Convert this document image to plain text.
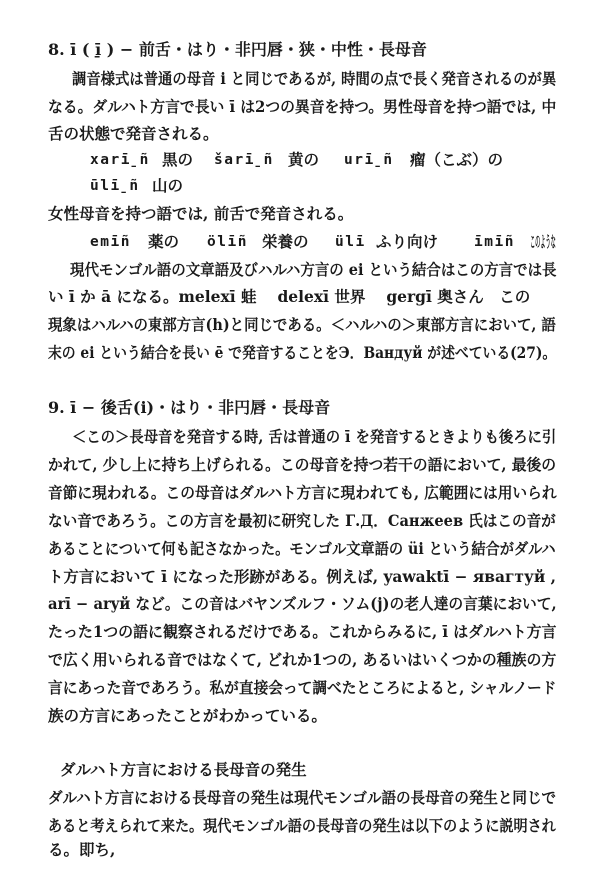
8. ī ( ī̱ ) − 前舌・はり・非円唇・狭・中性・長母音
調音様式は普通の母音 i と同じであるが, 時間の点で長く発音されるのが異
なる。ダルハト方言で長い ī は2つの異音を持つ。男性母音を持つ語では, 中
舌の状態で発音される。
xarī̱ñ 黒の šarī̱ñ 黄の urī̱ñ 瘤（こぶ）の
ūlī̱ñ 山の
女性母音を持つ語では, 前舌で発音される。
emīñ 薬の ölīñ 栄養の ülī ふり向け īmīñ このような
現代モンゴル語の文章語及びハルハ方言の ei という結合はこの方言では長
い ī か ā になる。melexī 蛙　 delexī 世界　 gergī 奥さん　この
現象はハルハの東部方言(h)と同じである。＜ハルハの＞東部方言において, 語
末の ei という結合を長い ē で発音することをЭ．Вандуй が述べている(27)。
9. ī − 後舌(i)・はり・非円唇・長母音
＜この＞長母音を発音する時, 舌は普通の ī を発音するときよりも後ろに引
かれて, 少し上に持ち上げられる。この母音を持つ若干の語において, 最後の
音節に現われる。この母音はダルハト方言に現われても, 広範囲には用いられ
ない音であろう。この方言を最初に研究した Г.Д．Санжеев 氏はこの音が
あることについて何も記さなかった。モンゴル文章語の üi という結合がダルハ
ト方言において ī になった形跡がある。例えば, yawaktī − явагтуй ,
arī − aryй など。この音はバヤンズルフ・ソム(j)の老人達の言葉において,
たった1つの語に観察されるだけである。これからみるに, ī はダルハト方言
で広く用いられる音ではなくて, どれか1つの, あるいはいくつかの種族の方
言にあった音であろう。私が直接会って調べたところによると, シャルノード
族の方言にあったことがわかっている。
ダルハト方言における長母音の発生
ダルハト方言における長母音の発生は現代モンゴル語の長母音の発生と同じで
あると考えられて来た。現代モンゴル語の長母音の発生は以下のように説明され
る。即ち,
